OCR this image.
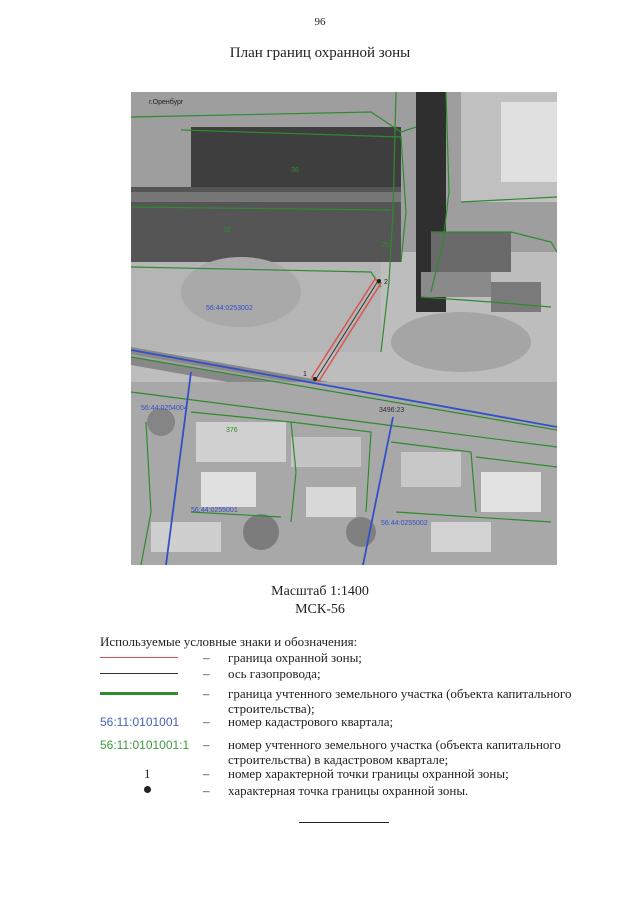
96
План границ охранной зоны
г.Оренбург
56:44:0253002
56:44:0254004
56:44:0255001
56:44:0255002
36
32
25
376
3496:23
1
2
Масштаб 1:1400
МСК-56
Используемые условные знаки и обозначения:
– граница охранной зоны;
– ось газопровода;
– граница учтенного земельного участка (объекта капитального строительства);
56:11:0101001	– номер кадастрового квартала;
56:11:0101001:1 – номер учтенного земельного участка (объекта капитального строительства) в кадастровом квартале;
1	– номер характерной точки границы охранной зоны;
– характерная точка границы охранной зоны.
